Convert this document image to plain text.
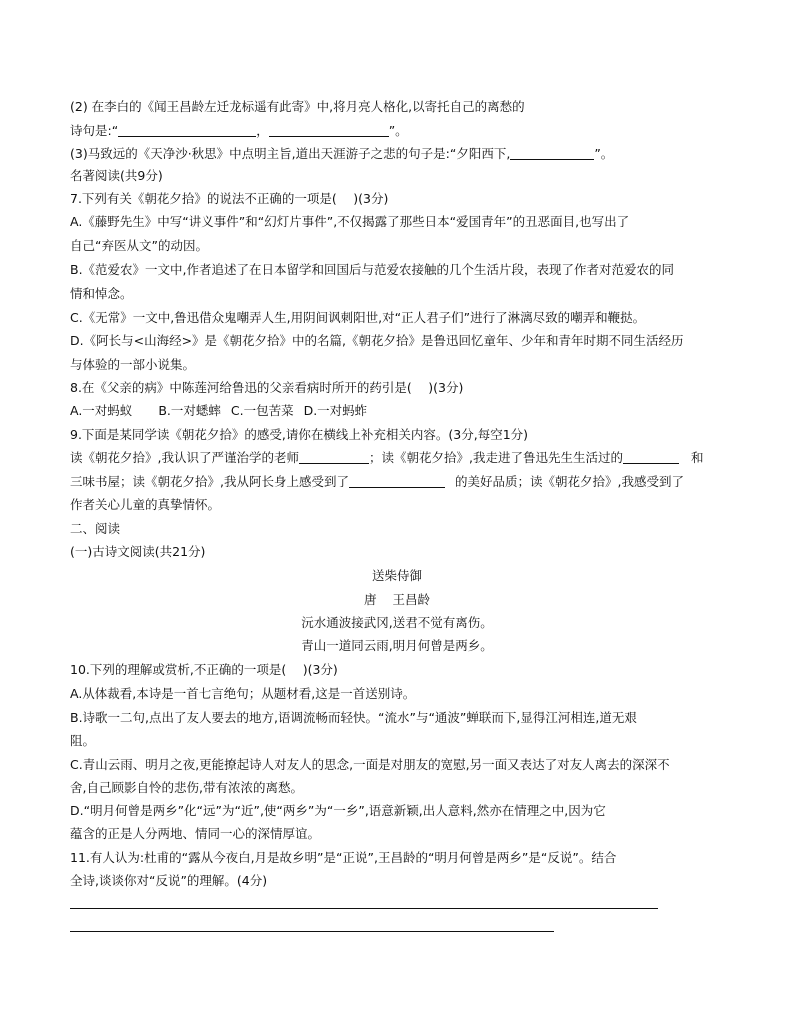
(2) 在李白的《闻王昌龄左迁龙标遥有此寄》中,将月亮人格化,以寄托自己的离愁的
诗句是:“	，	”。
(3)马致远的《天净沙·秋思》中点明主旨,道出天涯游子之悲的句子是:“夕阳西下,	”。
名著阅读(共9分)
7.下列有关《朝花夕拾》的说法不正确的一项是(　 )(3分)
A.《藤野先生》中写“讲义事件”和“幻灯片事件”,不仅揭露了那些日本“爱国青年”的丑恶面目,也写出了
自己“弃医从文”的动因。
B.《范爱农》一文中,作者追述了在日本留学和回国后与范爱农接触的几个生活片段，表现了作者对范爱农的同
情和悼念。
C.《无常》一文中,鲁迅借众鬼嘲弄人生,用阴间讽刺阳世,对“正人君子们”进行了淋漓尽致的嘲弄和鞭挞。
D.《阿长与<山海经>》是《朝花夕拾》中的名篇,《朝花夕拾》是鲁迅回忆童年、少年和青年时期不同生活经历
与体验的一部小说集。
8.在《父亲的病》中陈莲河给鲁迅的父亲看病时所开的药引是(　 )(3分)
A.一对蚂蚁 B.一对蟋蟀 C.一包苦菜 D.一对蚂蚱
9.下面是某同学读《朝花夕拾》的感受,请你在横线上补充相关内容。(3分,每空1分)
读《朝花夕拾》,我认识了严谨治学的老师	；读《朝花夕拾》,我走进了鲁迅先生生活过的	和
三味书屋；读《朝花夕拾》,我从阿长身上感受到了	的美好品质；读《朝花夕拾》,我感受到了
作者关心儿童的真挚情怀。
二、阅读
(一)古诗文阅读(共21分)
送柴侍御
唐 王昌龄
沅水通波接武冈,送君不觉有离伤。
青山一道同云雨,明月何曾是两乡。
10.下列的理解或赏析,不正确的一项是(　 )(3分)
A.从体裁看,本诗是一首七言绝句；从题材看,这是一首送别诗。
B.诗歌一二句,点出了友人要去的地方,语调流畅而轻快。“流水”与“通波”蝉联而下,显得江河相连,道无艰
阻。
C.青山云雨、明月之夜,更能撩起诗人对友人的思念,一面是对朋友的宽慰,另一面又表达了对友人离去的深深不
舍,自己顾影自怜的悲伤,带有浓浓的离愁。
D.“明月何曾是两乡”化“远”为“近”,使“两乡”为“一乡”,语意新颖,出人意料,然亦在情理之中,因为它
蕴含的正是人分两地、情同一心的深情厚谊。
11.有人认为:杜甫的“露从今夜白,月是故乡明”是“正说”,王昌龄的“明月何曾是两乡”是“反说”。结合
全诗,谈谈你对“反说”的理解。(4分)
